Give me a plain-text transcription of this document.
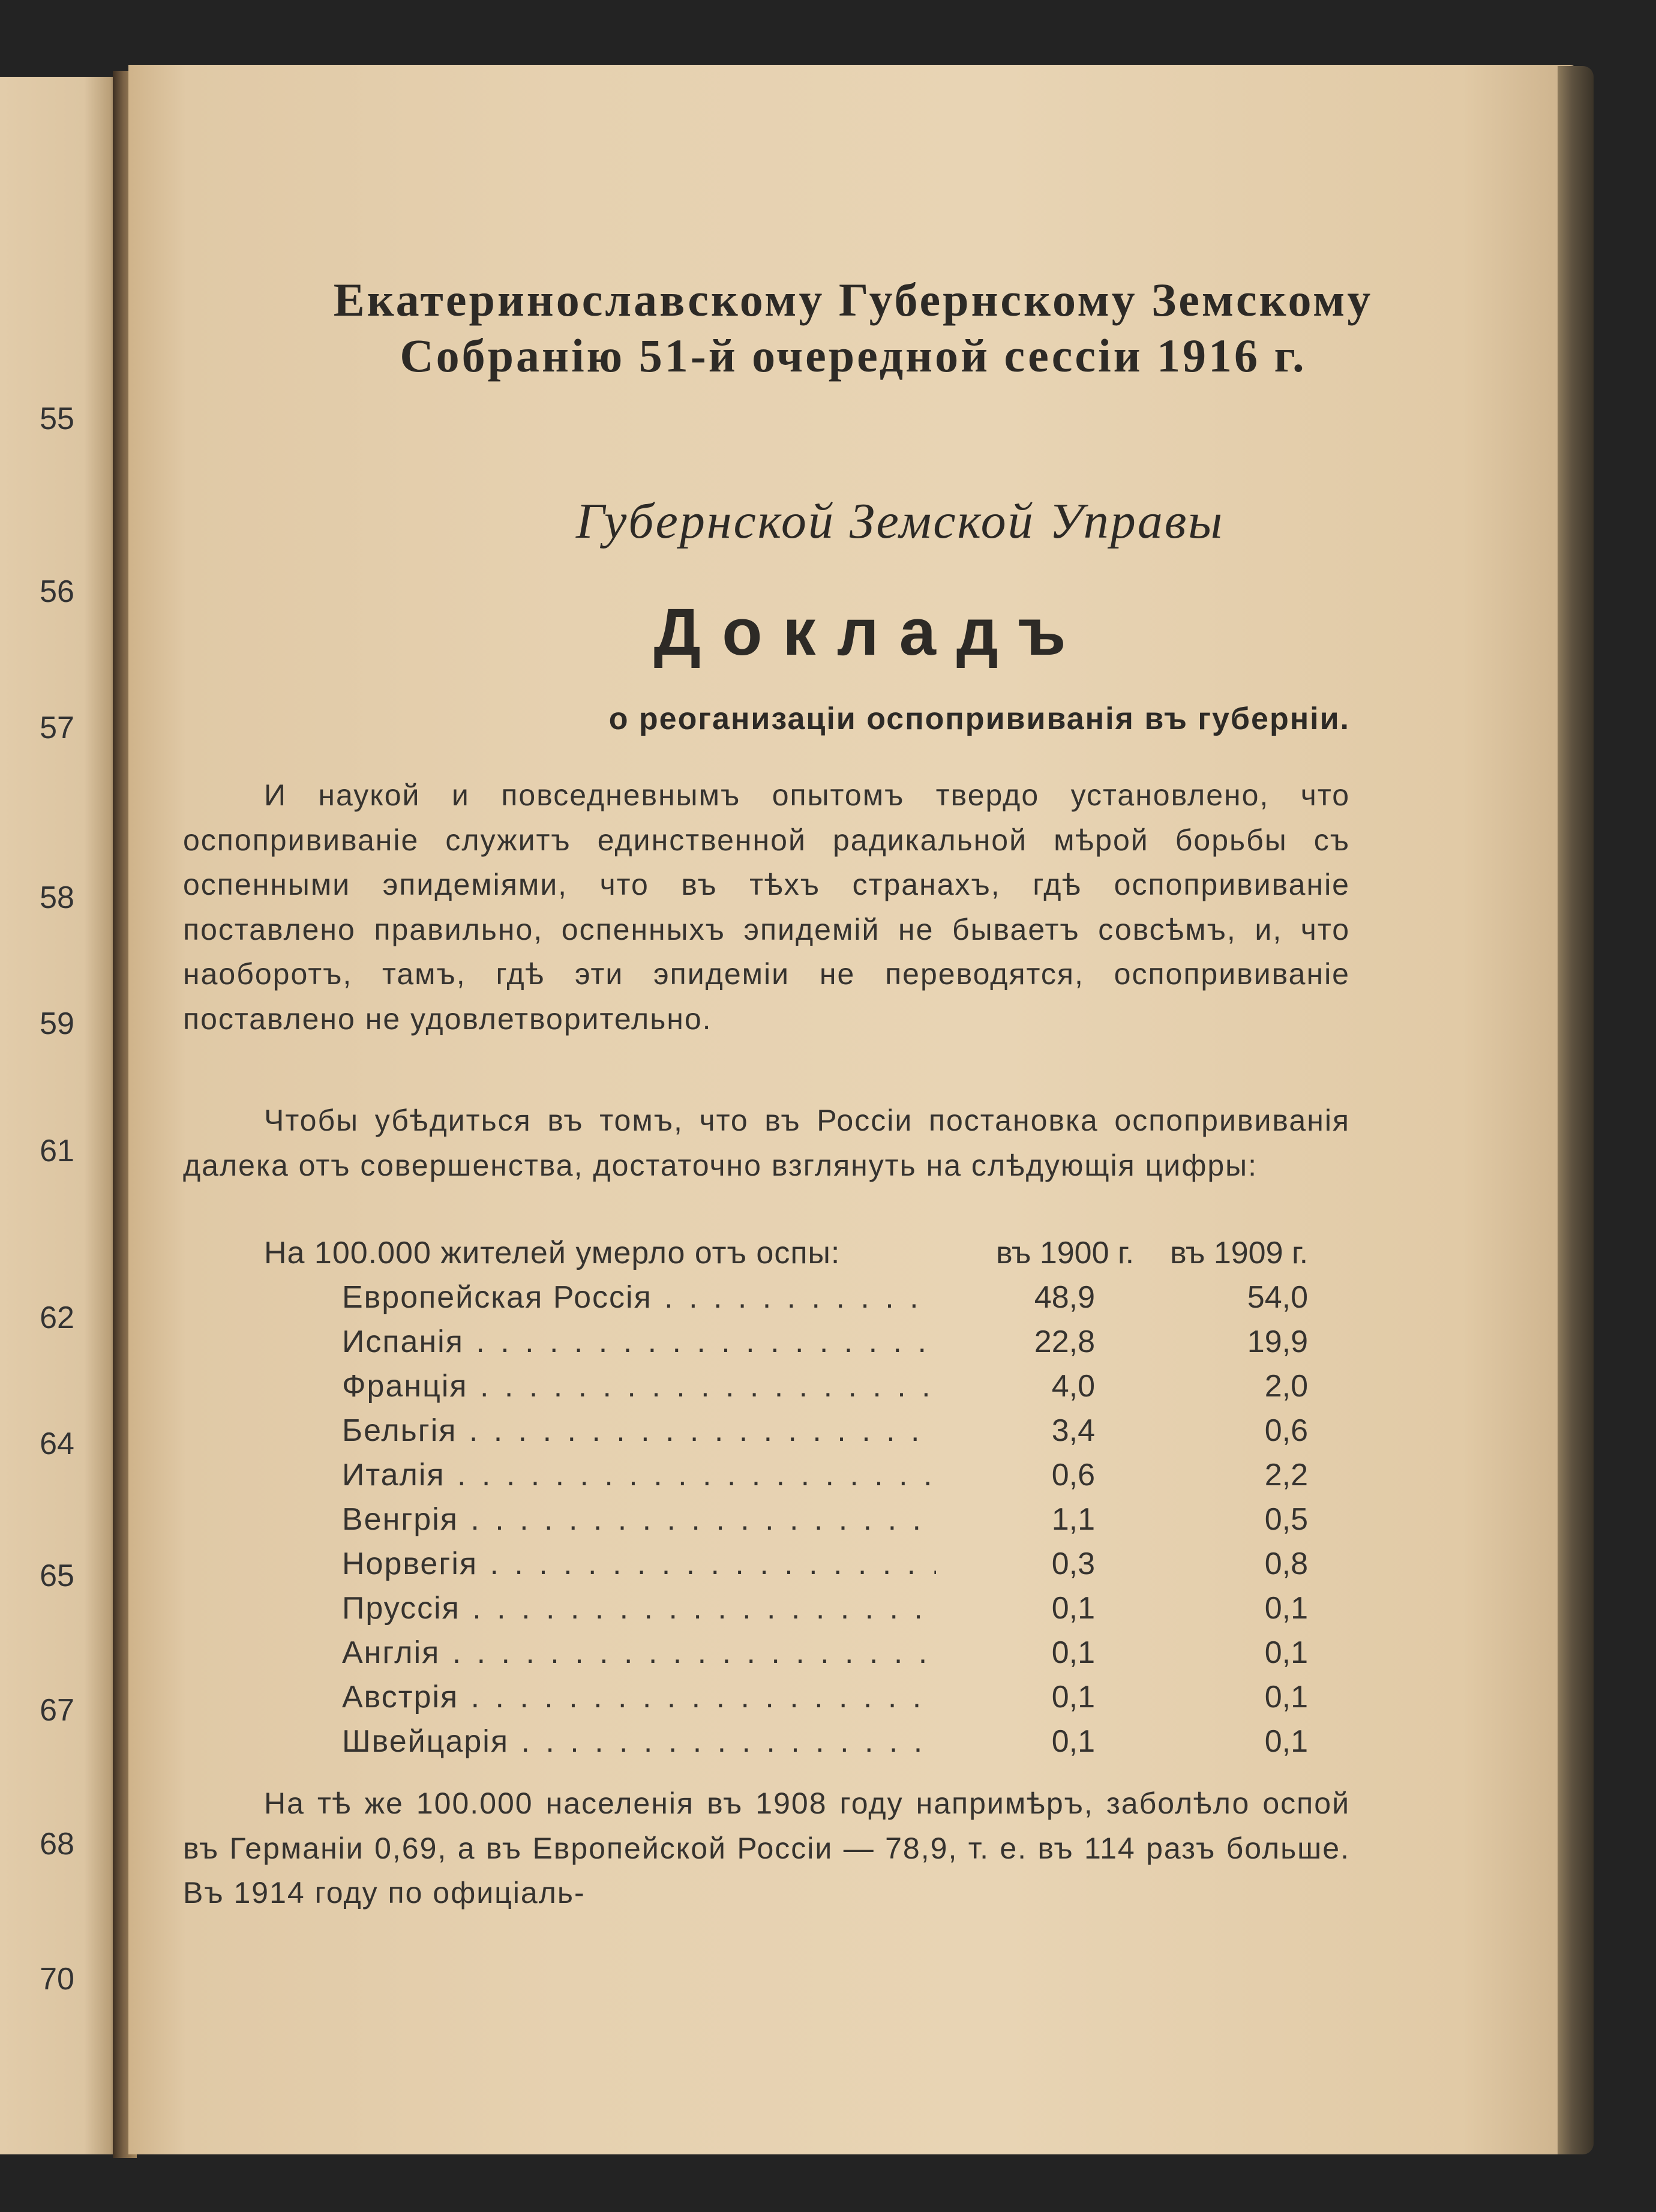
55
56
57
58
59
61
62
64
65
67
68
70
Екатеринославскому Губернскому Земскому
Собранію 51-й очередной сессіи 1916 г.
Губернской Земской Управы
Докладъ
о реоганизаціи оспопрививанія въ губерніи.

И наукой и повседневнымъ опытомъ твердо установлено, что оспопрививаніе служитъ единственной радикальной мѣрой борьбы съ оспенными эпидеміями, что въ тѣхъ странахъ, гдѣ оспопрививаніе поставлено правильно, оспенныхъ эпидемій не бываетъ совсѣмъ, и, что наоборотъ, тамъ, гдѣ эти эпидеміи не переводятся, оспопрививаніе поставлено не удовлетворительно.

Чтобы убѣдиться въ томъ, что въ Россіи постановка оспопрививанія далека отъ совершенства, достаточно взглянуть на слѣдующія цифры:

На 100.000 жителей умерло отъ оспы:	въ 1900 г. въ 1909 г.
Европейская Россія . . .	48,9	54,0
Испанія . . .	22,8	19,9
Франція . . .	4,0	2,0
Бельгія . . .	3,4	0,6
Италія . . .	0,6	2,2
Венгрія . . .	1,1	0,5
Норвегія . . .	0,3	0,8
Пруссія . . .	0,1	0,1
Англія . . .	0,1	0,1
Австрія . . .	0,1	0,1
Швейцарія . . .	0,1	0,1

На тѣ же 100.000 населенія въ 1908 году напримѣръ, заболѣло оспой въ Германіи 0,69, а въ Европейской Россіи — 78,9, т. е. въ 114 разъ больше. Въ 1914 году по офиціаль-
